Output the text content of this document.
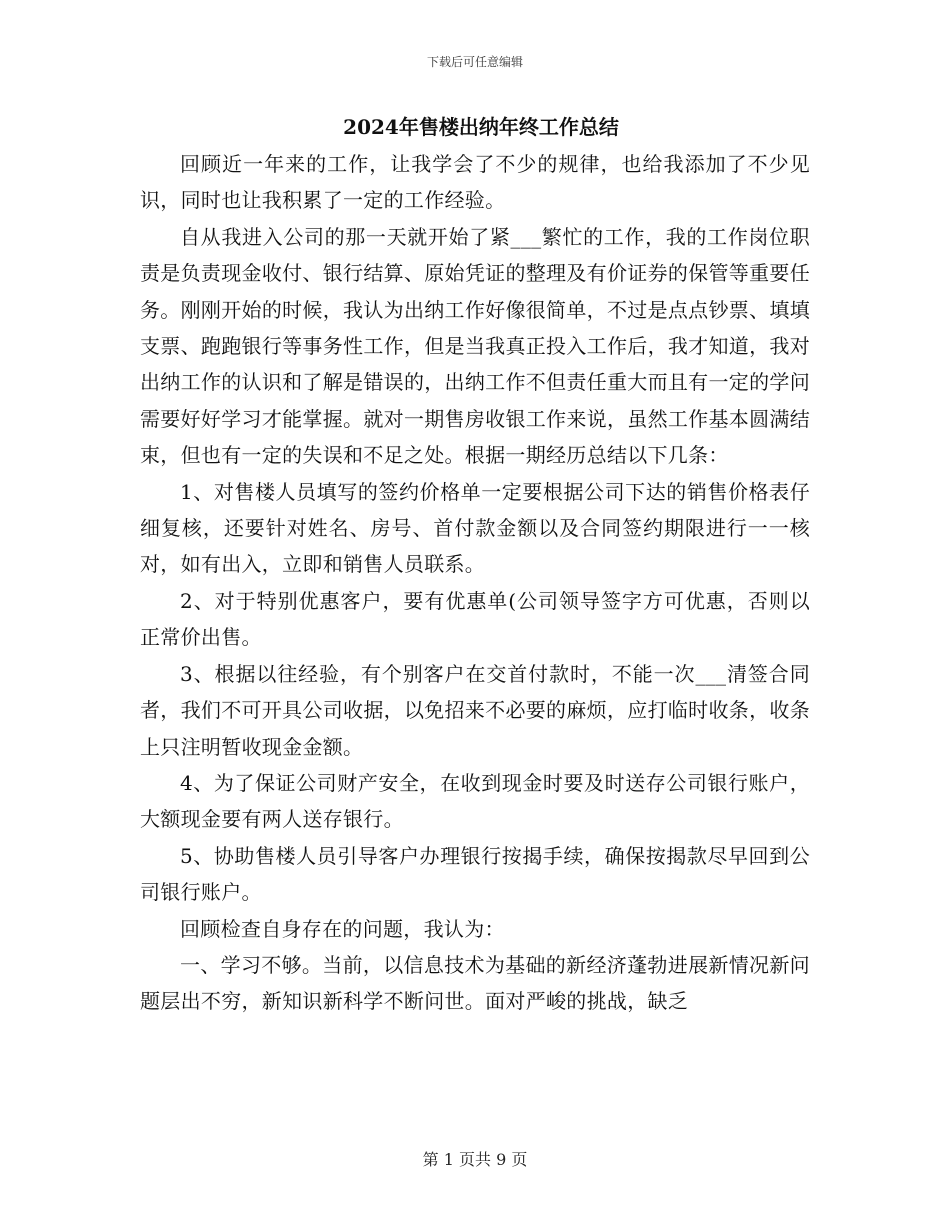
下载后可任意编辑
2024年售楼出纳年终工作总结

回顾近一年来的工作，让我学会了不少的规律，也给我添加了不少见识，同时也让我积累了一定的工作经验。

自从我进入公司的那一天就开始了紧___繁忙的工作，我的工作岗位职责是负责现金收付、银行结算、原始凭证的整理及有价证券的保管等重要任务。刚刚开始的时候，我认为出纳工作好像很简单，不过是点点钞票、填填支票、跑跑银行等事务性工作，但是当我真正投入工作后，我才知道，我对出纳工作的认识和了解是错误的，出纳工作不但责任重大而且有一定的学问需要好好学习才能掌握。就对一期售房收银工作来说，虽然工作基本圆满结束，但也有一定的失误和不足之处。根据一期经历总结以下几条：

1、对售楼人员填写的签约价格单一定要根据公司下达的销售价格表仔细复核，还要针对姓名、房号、首付款金额以及合同签约期限进行一一核对，如有出入，立即和销售人员联系。

2、对于特别优惠客户，要有优惠单(公司领导签字方可优惠，否则以正常价出售。

3、根据以往经验，有个别客户在交首付款时，不能一次___清签合同者，我们不可开具公司收据，以免招来不必要的麻烦，应打临时收条，收条上只注明暂收现金金额。

4、为了保证公司财产安全，在收到现金时要及时送存公司银行账户，大额现金要有两人送存银行。

5、协助售楼人员引导客户办理银行按揭手续，确保按揭款尽早回到公司银行账户。

回顾检查自身存在的问题，我认为：

一、学习不够。当前，以信息技术为基础的新经济蓬勃进展新情况新问题层出不穷，新知识新科学不断问世。面对严峻的挑战，缺乏

第 1 页共 9 页
